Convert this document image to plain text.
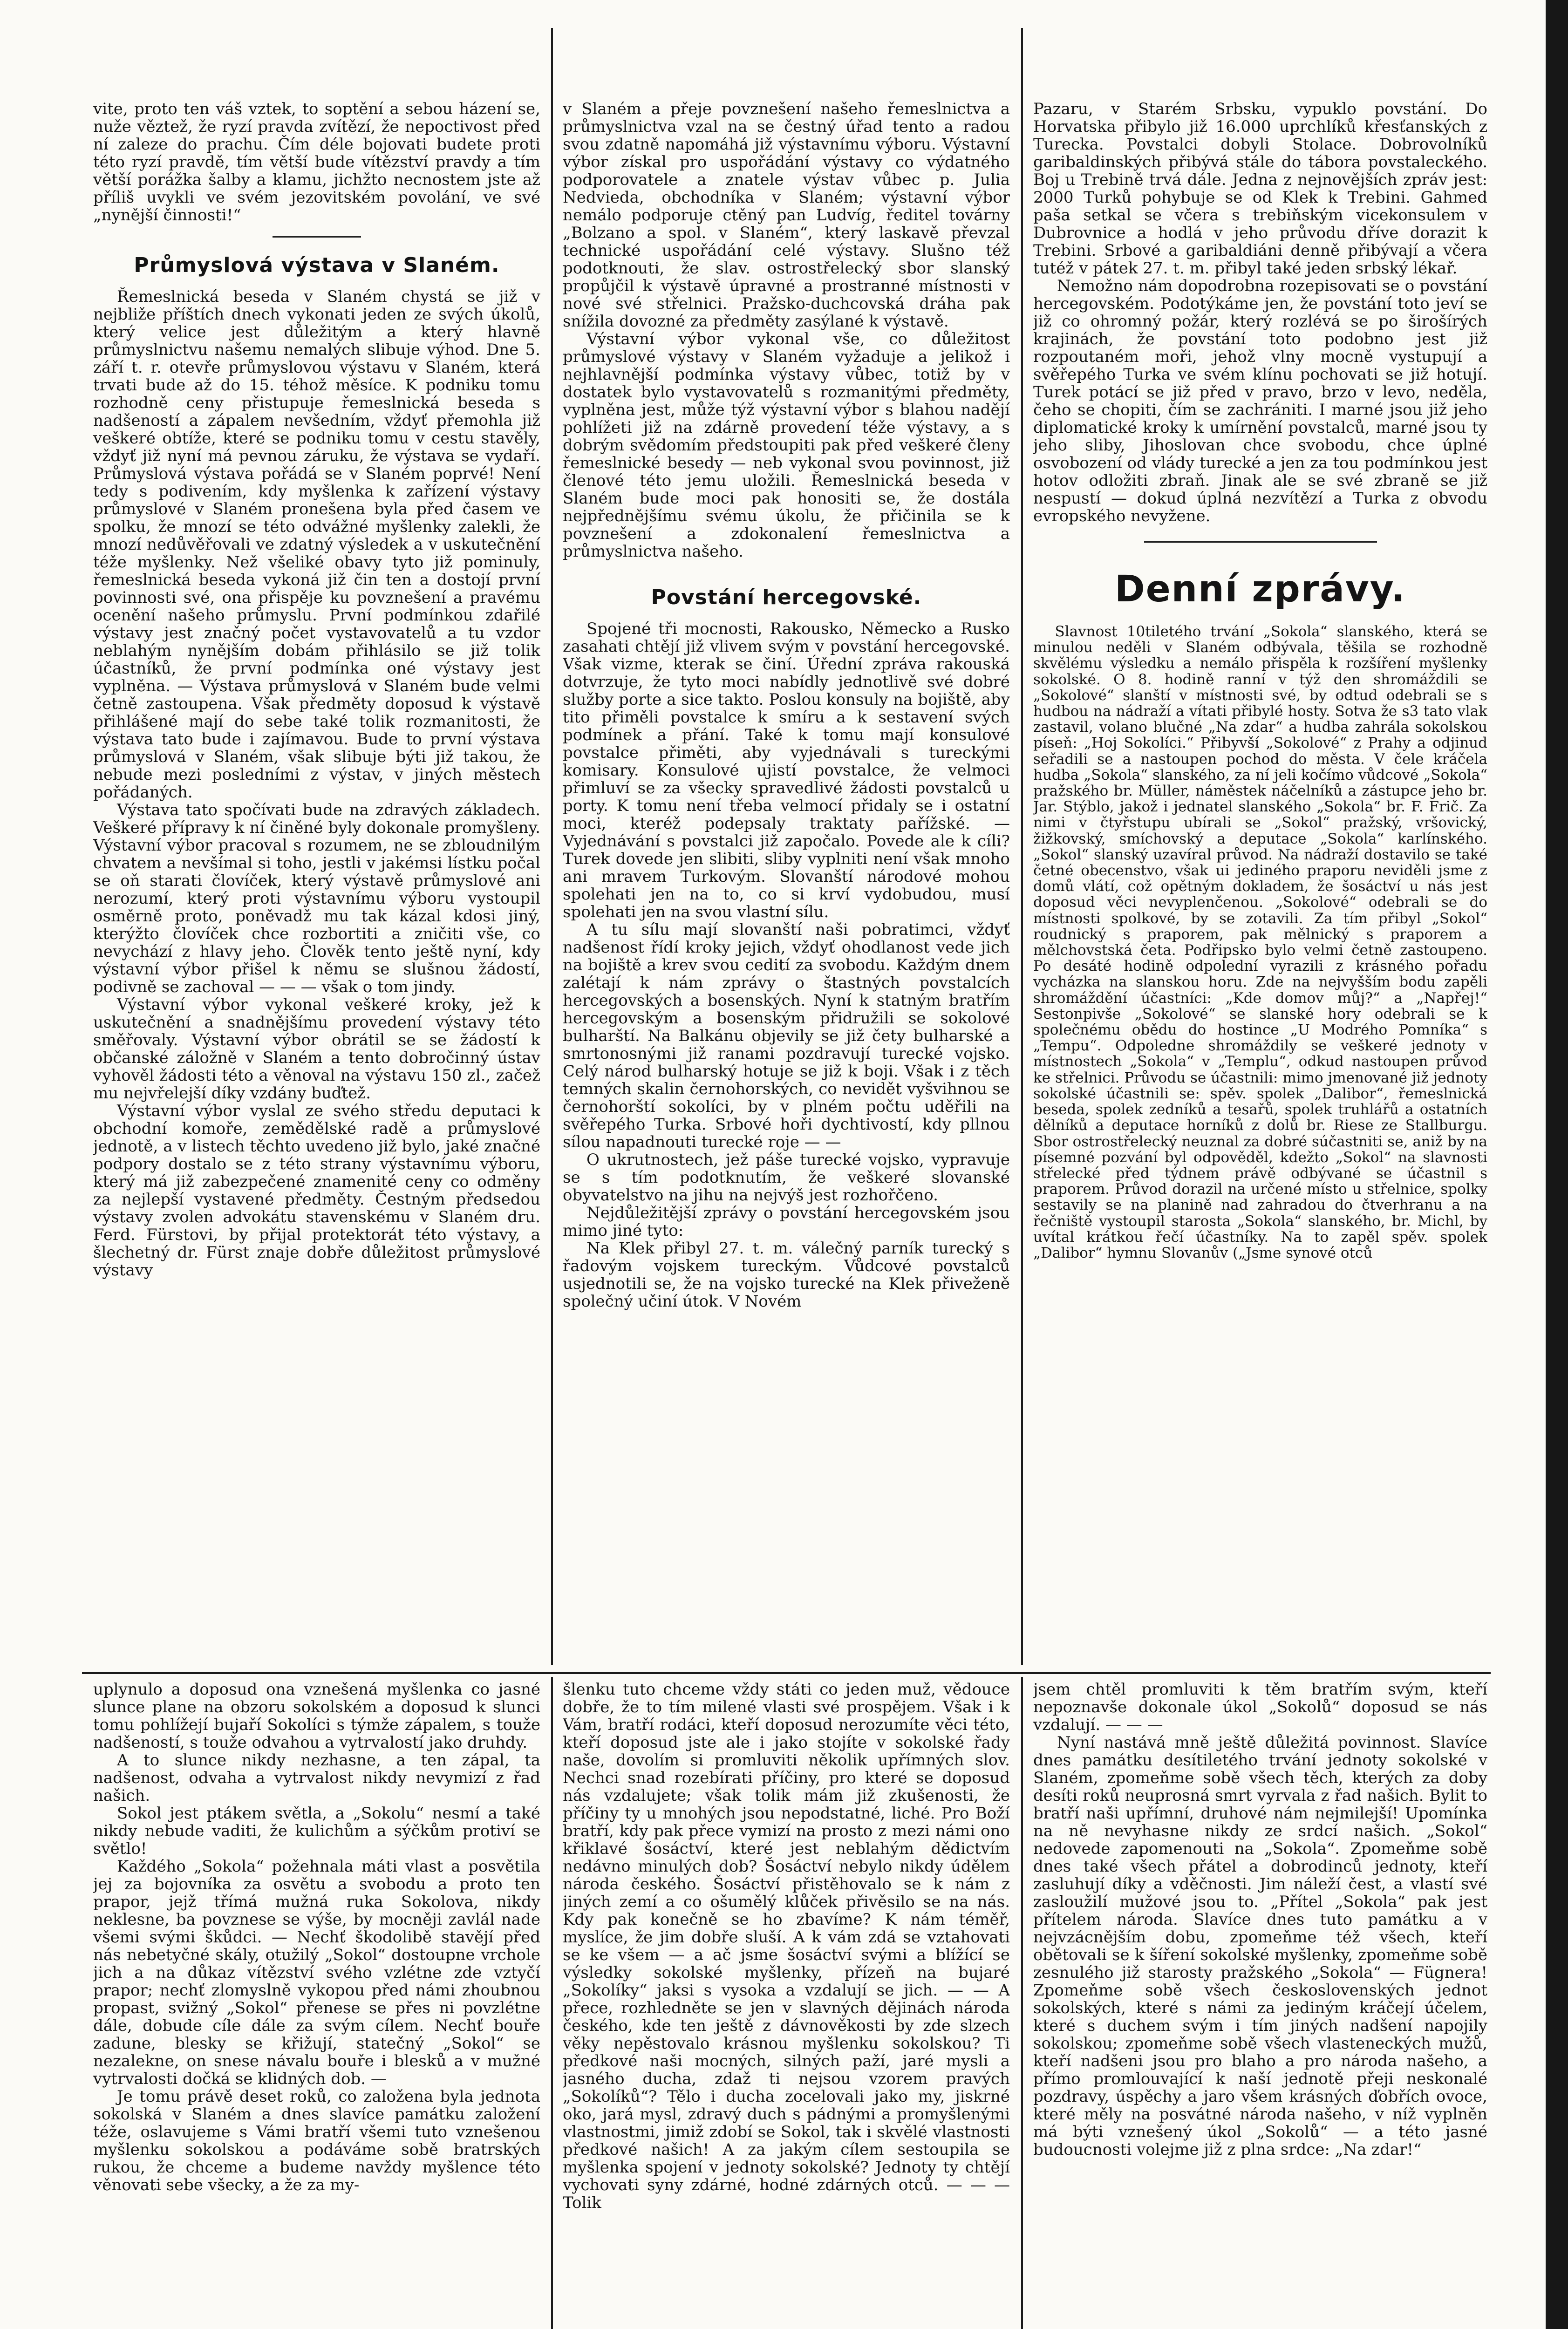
vite, proto ten váš vztek, to soptění a sebou házení se, nuže věztež, že ryzí pravda zvítězí, že nepoctivost před ní zaleze do prachu. Čím déle bojovati budete proti této ryzí pravdě, tím větší bude vítězství pravdy a tím větší porážka šalby a klamu, jichžto necnostem jste až příliš uvykli ve svém jezovitském povolání, ve své „nynější činnosti!“

Průmyslová výstava v Slaném.

Řemeslnická beseda v Slaném chystá se již v nejbliže příštích dnech vykonati jeden ze svých úkolů, který velice jest důležitým a který hlavně průmyslnictvu našemu nemalých slibuje výhod. Dne 5. září t. r. otevře průmyslovou výstavu v Slaném, která trvati bude až do 15. téhož měsíce. K podniku tomu rozhodně ceny přistupuje řemeslnická beseda s nadšeností a zápalem nevšedním, vždyť přemohla již veškeré obtíže, které se podniku tomu v cestu stavěly, vždyť již nyní má pevnou záruku, že výstava se vydaří. Průmyslová výstava pořádá se v Slaném poprvé! Není tedy s podivením, kdy myšlenka k zařízení výstavy průmyslové v Slaném pronešena byla před časem ve spolku, že mnozí se této odvážné myšlenky zalekli, že mnozí nedůvěřovali ve zdatný výsledek a v uskutečnění téže myšlenky. Než všeliké obavy tyto již pominuly, řemeslnická beseda vykoná již čin ten a dostojí první povinnosti své, ona přispěje ku povznešení a pravému ocenění našeho průmyslu. První podmínkou zdařilé výstavy jest značný počet vystavovatelů a tu vzdor neblahým nynějším dobám přihlásilo se již tolik účastníků, že první podmínka oné výstavy jest vyplněna. — Výstava průmyslová v Slaném bude velmi četně zastoupena. Však předměty doposud k výstavě přihlášené mají do sebe také tolik rozmanitosti, že výstava tato bude i zajímavou. Bude to první výstava průmyslová v Slaném, však slibuje býti již takou, že nebude mezi posledními z výstav, v jiných městech pořádaných.

Výstava tato spočívati bude na zdravých základech. Veškeré přípravy k ní činěné byly dokonale promyšleny. Výstavní výbor pracoval s rozumem, ne se zbloudnilým chvatem a nevšímal si toho, jestli v jakémsi lístku počal se oň starati človíček, který výstavě průmyslové ani nerozumí, který proti výstavnímu výboru vystoupil osměrně proto, poněvadž mu tak kázal kdosi jiný, kterýžto človíček chce rozbortiti a zničiti vše, co nevychází z hlavy jeho. Člověk tento ještě nyní, kdy výstavní výbor přišel k němu se slušnou žádostí, podivně se zachoval — — — však o tom jindy.

Výstavní výbor vykonal veškeré kroky, jež k uskutečnění a snadnějšímu provedení výstavy této směřovaly. Výstavní výbor obrátil se se žádostí k občanské záložně v Slaném a tento dobročinný ústav vyhověl žádosti této a věnoval na výstavu 150 zl., začež mu nejvřelejší díky vzdány buďtež.

Výstavní výbor vyslal ze svého středu deputaci k obchodní komoře, zemědělské radě a průmyslové jednotě, a v listech těchto uvedeno již bylo, jaké značné podpory dostalo se z této strany výstavnímu výboru, který má již zabezpečené znamenité ceny co odměny za nejlepší vystavené předměty. Čestným předsedou výstavy zvolen advokátu stavenskému v Slaném dru. Ferd. Fürstovi, by přijal protektorát této výstavy, a šlechetný dr. Fürst znaje dobře důležitost průmyslové výstavy

v Slaném a přeje povznešení našeho řemeslnictva a průmyslnictva vzal na se čestný úřad tento a radou svou zdatně napomáhá již výstavnímu výboru. Výstavní výbor získal pro uspořádání výstavy co výdatného podporovatele a znatele výstav vůbec p. Julia Nedvieda, obchodníka v Slaném; výstavní výbor nemálo podporuje ctěný pan Ludvíg, ředitel továrny „Bolzano a spol. v Slaném“, který laskavě převzal technické uspořádání celé výstavy. Slušno též podotknouti, že slav. ostrostřelecký sbor slanský propůjčil k výstavě úpravné a prostranné místnosti v nové své střelnici. Pražsko-duchcovská dráha pak snížila dovozné za předměty zasýlané k výstavě.

Výstavní výbor vykonal vše, co důležitost průmyslové výstavy v Slaném vyžaduje a jelikož i nejhlavnější podmínka výstavy vůbec, totiž by v dostatek bylo vystavovatelů s rozmanitými předměty, vyplněna jest, může týž výstavní výbor s blahou nadějí pohlížeti již na zdárně provedení téže výstavy, a s dobrým svědomím předstoupiti pak před veškeré členy řemeslnické besedy — neb vykonal svou povinnost, již členové této jemu uložili. Řemeslnická beseda v Slaném bude moci pak honositi se, že dostála nejpřednějšímu svému úkolu, že přičinila se k povznešení a zdokonalení řemeslnictva a průmyslnictva našeho.

Povstání hercegovské.

Spojené tři mocnosti, Rakousko, Německo a Rusko zasahati chtějí již vlivem svým v povstání hercegovské. Však vizme, kterak se činí. Úřední zpráva rakouská dotvrzuje, že tyto moci nabídly jednotlivě své dobré služby porte a sice takto. Poslou konsuly na bojiště, aby tito přiměli povstalce k smíru a k sestavení svých podmínek a přání. Také k tomu mají konsulové povstalce přiměti, aby vyjednávali s tureckými komisary. Konsulové ujistí povstalce, že velmoci přimluví se za všecky spravedlivé žádosti povstalců u porty. K tomu není třeba velmocí přidaly se i ostatní moci, kteréž podepsaly traktaty pařížské. — Vyjednávání s povstalci již započalo. Povede ale k cíli? Turek dovede jen slibiti, sliby vyplniti není však mnoho ani mravem Turkovým. Slovanští národové mohou spolehati jen na to, co si krví vydobudou, musí spolehati jen na svou vlastní sílu.

A tu sílu mají slovanští naši pobratimci, vždyť nadšenost řídí kroky jejich, vždyť ohodlanost vede jich na bojiště a krev svou cedití za svobodu. Každým dnem zalétají k nám zprávy o štastných povstalcích hercegovských a bosenských. Nyní k statným bratřím hercegovským a bosenským přidružili se sokolové bulharští. Na Balkánu objevily se již čety bulharské a smrtonosnými již ranami pozdravují turecké vojsko. Celý národ bulharský hotuje se již k boji. Však i z těch temných skalin černohorských, co nevidět vyšvihnou se černohorští sokolíci, by v plném počtu uděřili na svěřepého Turka. Srbové hoři dychtivostí, kdy pllnou sílou napadnouti turecké roje — —

O ukrutnostech, jež páše turecké vojsko, vypravuje se s tím podotknutím, že veškeré slovanské obyvatelstvo na jihu na nejvýš jest rozhořčeno.

Nejdůležitější zprávy o povstání hercegovském jsou mimo jiné tyto:

Na Klek přibyl 27. t. m. válečný parník turecký s řadovým vojskem tureckým. Vůdcové povstalců usjednotili se, že na vojsko turecké na Klek přiveženě společný učiní útok. V Novém

Pazaru, v Starém Srbsku, vypuklo povstání. Do Horvatska přibylo již 16.000 uprchlíků křesťanských z Turecka. Povstalci dobyli Stolace. Dobrovolníků garibaldinských přibývá stále do tábora povstaleckého. Boj u Trebině trvá dále. Jedna z nejnovějších zpráv jest: 2000 Turků pohybuje se od Klek k Trebini. Gahmed paša setkal se včera s trebiňským vicekonsulem v Dubrovnice a hodlá v jeho průvodu dříve dorazit k Trebini. Srbové a garibaldiáni denně přibývají a včera tutéž v pátek 27. t. m. přibyl také jeden srbský lékař.

Nemožno nám dopodrobna rozepisovati se o povstání hercegovském. Podotýkáme jen, že povstání toto jeví se již co ohromný požár, který rozlévá se po širošírých krajinách, že povstání toto podobno jest již rozpoutaném moři, jehož vlny mocně vystupují a svěřepého Turka ve svém klínu pochovati se již hotují. Turek potácí se již před v pravo, brzo v levo, neděla, čeho se chopiti, čím se zachrániti. I marné jsou již jeho diplomatické kroky k umírnění povstalců, marné jsou ty jeho sliby, Jihoslovan chce svobodu, chce úplné osvobození od vlády turecké a jen za tou podmínkou jest hotov odložiti zbraň. Jinak ale se své zbraně se již nespustí — dokud úplná nezvítězí a Turka z obvodu evropského nevyžene.

Denní zprávy.

Slavnost 10tiletého trvání „Sokola“ slanského, která se minulou neděli v Slaném odbývala, těšila se rozhodně skvělému výsledku a nemálo přispěla k rozšíření myšlenky sokolské. O 8. hodině ranní v týž den shromáždili se „Sokolové“ slanští v místnosti své, by odtud odebrali se s hudbou na nádraží a vítati přibylé hosty. Sotva že s3 tato vlak zastavil, volano blučné „Na zdar“ a hudba zahrála sokolskou píseň: „Hoj Sokolíci.“ Přibyvší „Sokolové“ z Prahy a odjinud seřadili se a nastoupen pochod do města. V čele kráčela hudba „Sokola“ slanského, za ní jeli kočímo vůdcové „Sokola“ pražského br. Müller, náměstek náčelníků a zástupce jeho br. Jar. Stýblo, jakož i jednatel slanského „Sokola“ br. F. Frič. Za nimi v čtyřstupu ubírali se „Sokol“ pražský, vršovický, žižkovský, smíchovský a deputace „Sokola“ karlínského. „Sokol“ slanský uzavíral průvod. Na nádraží dostavilo se také četné obecenstvo, však ui jediného praporu neviděli jsme z domů vlátí, což opětným dokladem, že šosáctví u nás jest doposud věci nevyplenčenou. „Sokolové“ odebrali se do místnosti spolkové, by se zotavili. Za tím přibyl „Sokol“ roudnický s praporem, pak mělnický s praporem a mělchovstská četa. Podřipsko bylo velmi četně zastoupeno. Po desáté hodině odpolední vyrazili z krásného pořadu vycházka na slanskou horu. Zde na nejvyšším bodu zapěli shromáždění účastníci: „Kde domov můj?“ a „Napřej!“ Sestonpivše „Sokolové“ se slanské hory odebrali se k společnému obědu do hostince „U Modrého Pomníka“ s „Tempu“. Odpoledne shromáždily se veškeré jednoty v místnostech „Sokola“ v „Templu“, odkud nastoupen průvod ke střelnici. Průvodu se účastnili: mimo jmenované již jednoty sokolské účastnili se: spěv. spolek „Dalibor“, řemeslnická beseda, spolek zedníků a tesařů, spolek truhlářů a ostatních dělníků a deputace horníků z dolů br. Riese ze Stallburgu. Sbor ostrostřelecký neuznal za dobré súčastniti se, aniž by na písemné pozvání byl odpověděl, kdežto „Sokol“ na slavnosti střelecké před týdnem právě odbývané se účastnil s praporem. Průvod dorazil na určené místo u střelnice, spolky sestavily se na planině nad zahradou do čtverhranu a na řečniště vystoupil starosta „Sokola“ slanského, br. Michl, by uvítal krátkou řečí účastníky. Na to zapěl spěv. spolek „Dalibor“ hymnu Slovanův („Jsme synové otců

uplynulo a doposud ona vznešená myšlenka co jasné slunce plane na obzoru sokolském a doposud k slunci tomu pohlížejí bujaří Sokolíci s týmže zápalem, s touže nadšeností, s touže odvahou a vytrvalostí jako druhdy.

A to slunce nikdy nezhasne, a ten zápal, ta nadšenost, odvaha a vytrvalost nikdy nevymizí z řad našich.

Sokol jest ptákem světla, a „Sokolu“ nesmí a také nikdy nebude vaditi, že kulichům a sýčkům protiví se světlo!

Každého „Sokola“ požehnala máti vlast a posvětila jej za bojovníka za osvětu a svobodu a proto ten prapor, jejž třímá mužná ruka Sokolova, nikdy neklesne, ba povznese se výše, by mocněji zavlál nade všemi svými škůdci. — Nechť škodolibě stavějí před nás nebetyčné skály, otužilý „Sokol“ dostoupne vrchole jich a na důkaz vítězství svého vzlétne zde vztyčí prapor; nechť zlomyslně vykopou před námi zhoubnou propast, svižný „Sokol“ přenese se přes ni povzlétne dále, dobude cíle dále za svým cílem. Nechť bouře zadune, blesky se křižují, statečný „Sokol“ se nezalekne, on snese návalu bouře i blesků a v mužné vytrvalosti dočká se klidných dob. —

Je tomu právě deset roků, co založena byla jednota sokolská v Slaném a dnes slavíce památku založení téže, oslavujeme s Vámi bratří všemi tuto vznešenou myšlenku sokolskou a podáváme sobě bratrských rukou, že chceme a budeme navždy myšlence této věnovati sebe všecky, a že za my-

šlenku tuto chceme vždy státi co jeden muž, vědouce dobře, že to tím milené vlasti své prospějem. Však i k Vám, bratří rodáci, kteří doposud nerozumíte věci této, kteří doposud jste ale i jako stojíte v sokolské řady naše, dovolím si promluviti několik upřímných slov. Nechci snad rozebírati příčiny, pro které se doposud nás vzdalujete; však tolik mám již zkušenosti, že příčiny ty u mnohých jsou nepodstatné, liché. Pro Boží bratří, kdy pak přece vymizí na prosto z mezi námi ono křiklavé šosáctví, které jest neblahým dědictvím nedávno minulých dob? Šosáctví nebylo nikdy údělem národa českého. Šosáctví přistěhovalo se k nám z jiných zemí a co ošumělý klůček přivěsilo se na nás. Kdy pak konečně se ho zbavíme? K nám téměř, myslíce, že jim dobře sluší. A k vám zdá se vztahovati se ke všem — a ač jsme šosáctví svými a blížící se výsledky sokolské myšlenky, přízeň na bujaré „Sokolíky“ jaksi s vysoka a vzdalují se jich. — — A přece, rozhledněte se jen v slavných dějinách národa českého, kde ten ještě z dávnověkosti by zde slzech věky nepěstovalo krásnou myšlenku sokolskou? Ti předkové naši mocných, silných paží, jaré mysli a jasného ducha, zdaž ti nejsou vzorem pravých „Sokolíků“? Tělo i ducha zocelovali jako my, jiskrné oko, jará mysl, zdravý duch s pádnými a promyšlenými vlastnostmi, jimiž zdobí se Sokol, tak i skvělé vlastnosti předkové našich! A za jakým cílem sestoupila se myšlenka spojení v jednoty sokolské? Jednoty ty chtějí vychovati syny zdárné, hodné zdárných otců. — — — Tolik

jsem chtěl promluviti k těm bratřím svým, kteří nepoznavše dokonale úkol „Sokolů“ doposud se nás vzdalují. — — —

Nyní nastává mně ještě důležitá povinnost. Slavíce dnes památku desítiletého trvání jednoty sokolské v Slaném, zpomeňme sobě všech těch, kterých za doby desíti roků neuprosná smrt vyrvala z řad našich. Bylit to bratří naši upřímní, druhové nám nejmilejší! Upomínka na ně nevyhasne nikdy ze srdcí našich. „Sokol“ nedovede zapomenouti na „Sokola“. Zpomeňme sobě dnes také všech přátel a dobrodinců jednoty, kteří zasluhují díky a vděčnosti. Jim náleží čest, a vlastí své zasloužilí mužové jsou to. „Přítel „Sokola“ pak jest přítelem národa. Slavíce dnes tuto památku a v nejvzácnějším dobu, zpomeňme též všech, kteří obětovali se k šíření sokolské myšlenky, zpomeňme sobě zesnulého již starosty pražského „Sokola“ — Fügnera! Zpomeňme sobě všech československých jednot sokolských, které s námi za jediným kráčejí účelem, které s duchem svým i tím jiných nadšení napojily sokolskou; zpomeňme sobě všech vlasteneckých mužů, kteří nadšeni jsou pro blaho a pro národa našeho, a přímo promlouvající k naší jednotě přeji neskonalé pozdravy, úspěchy a jaro všem krásných ďobřích ovoce, které měly na posvátné národa našeho, v níž vyplněn má býti vznešený úkol „Sokolů“ — a této jasné budoucnosti volejme již z plna srdce: „Na zdar!“
